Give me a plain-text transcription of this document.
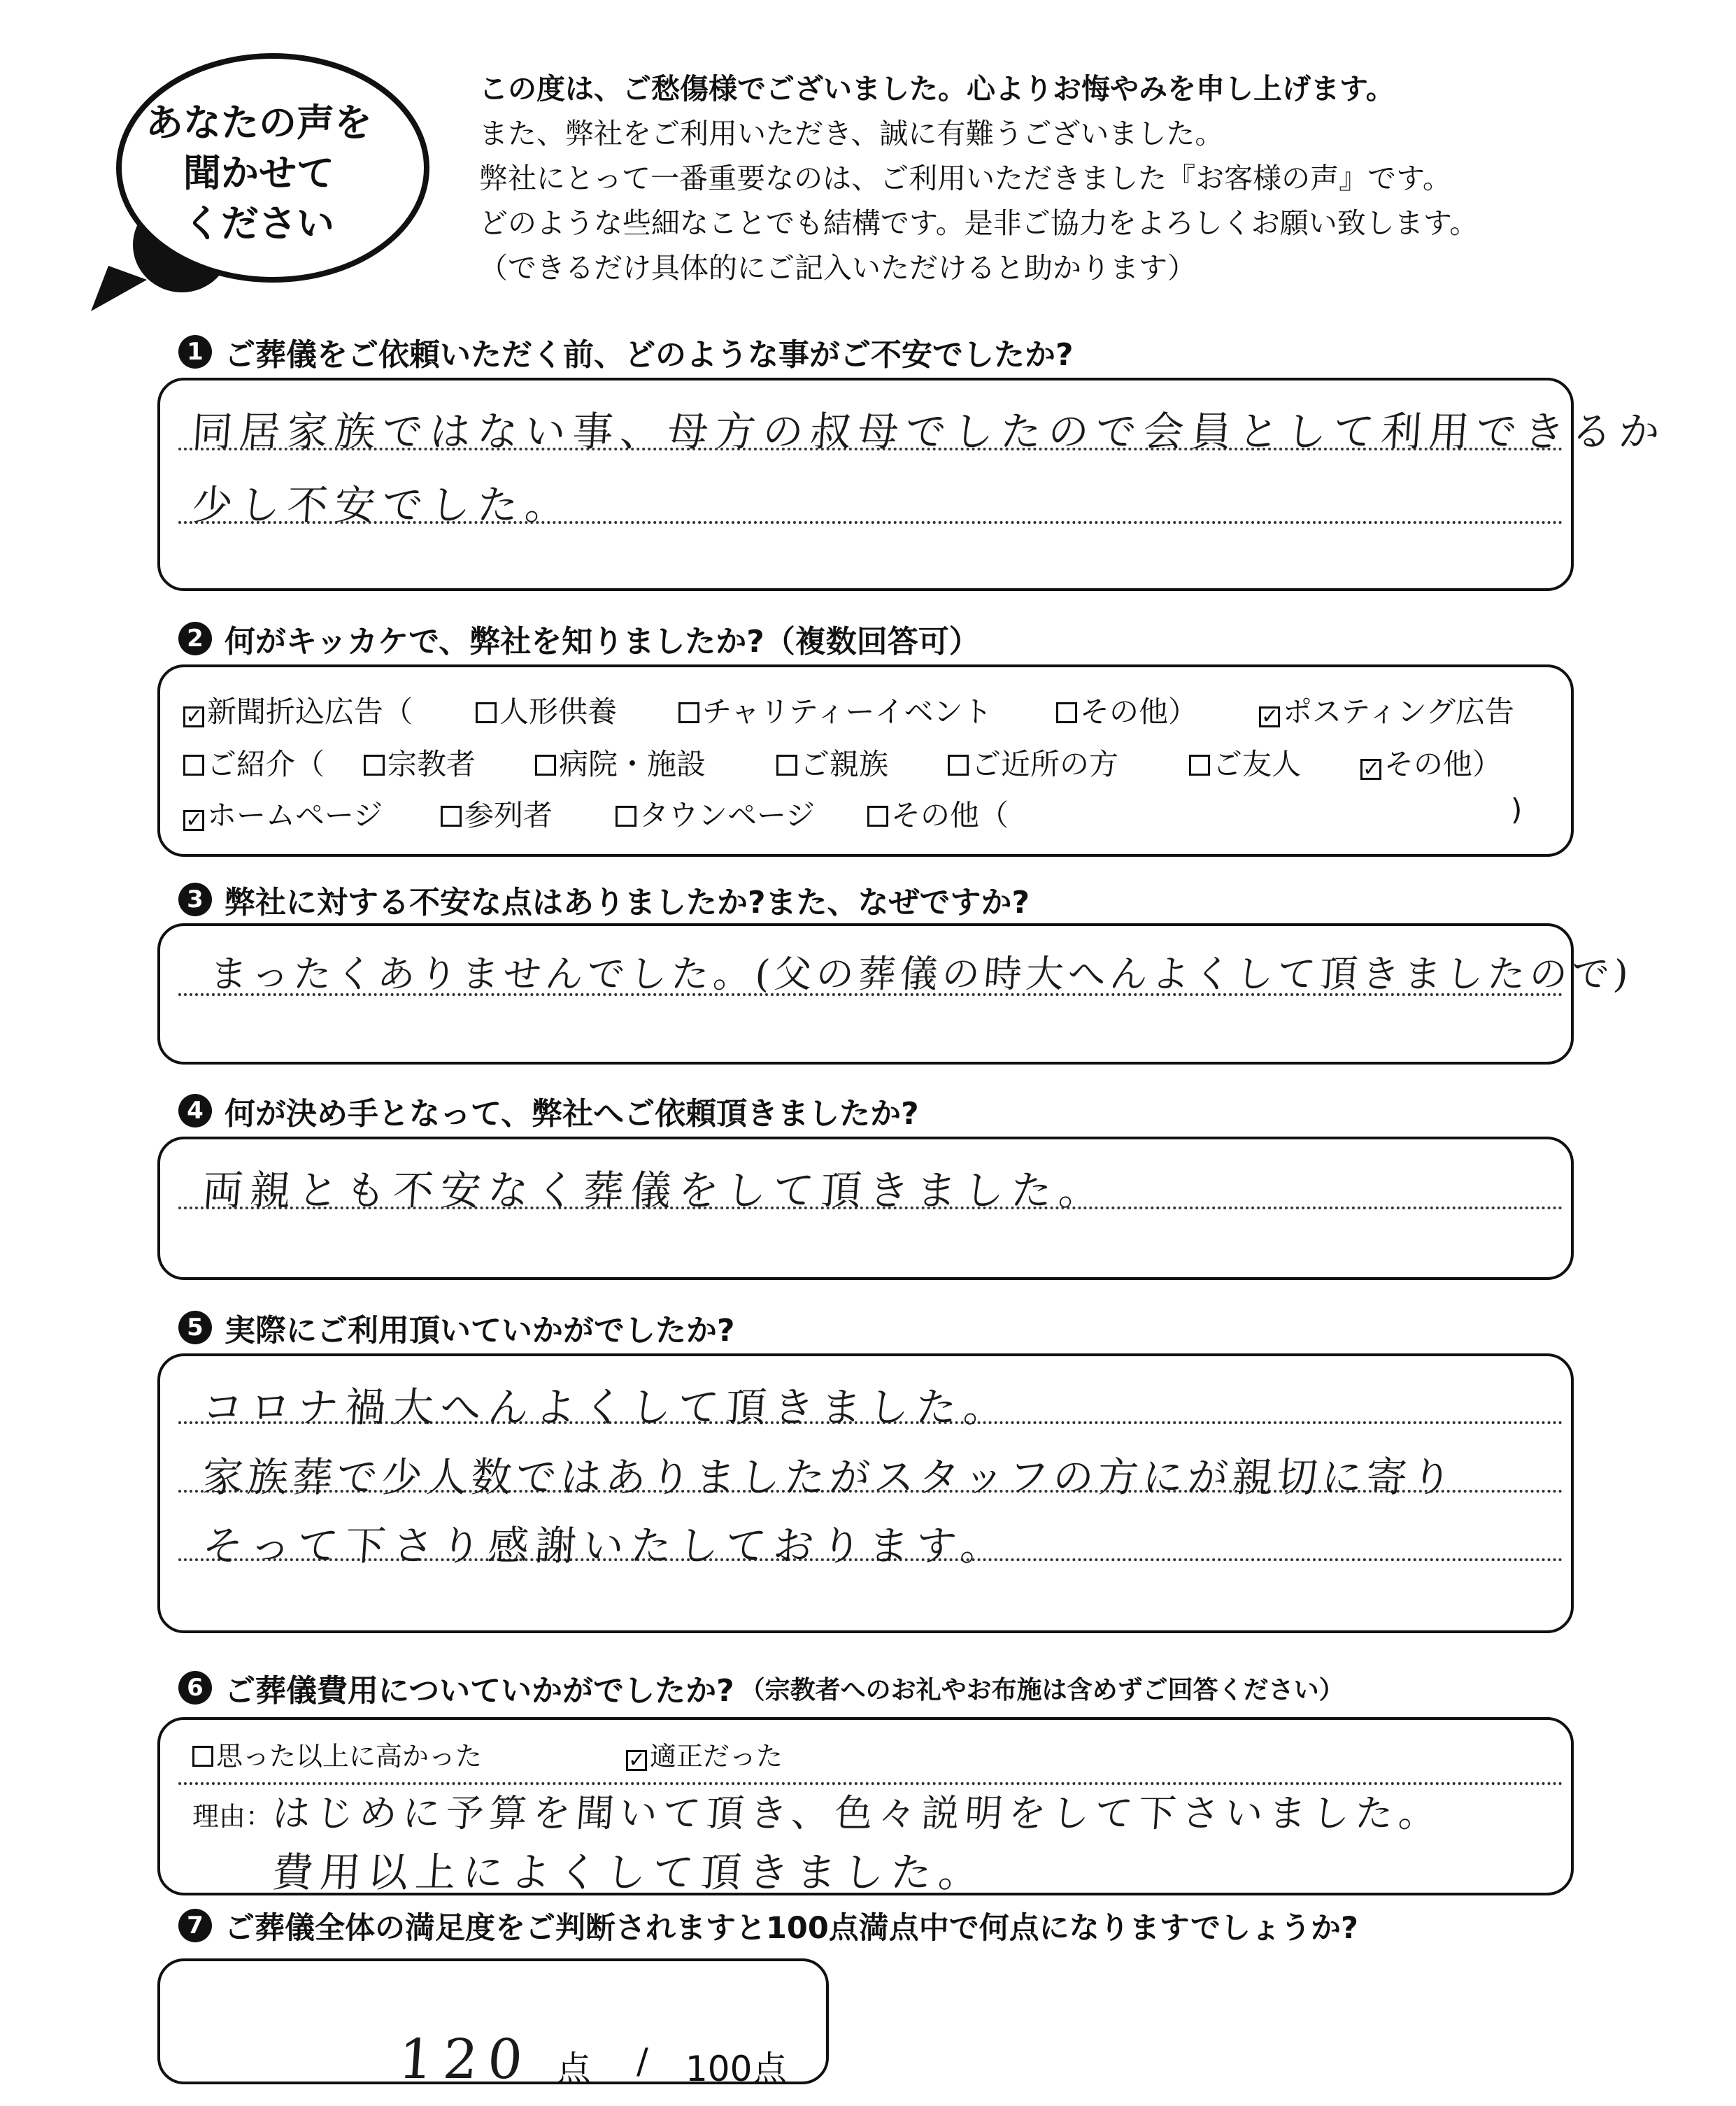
あなたの声を
聞かせて
ください
この度は、ご愁傷様でございました。心よりお悔やみを申し上げます。
また、弊社をご利用いただき、誠に有難うございました。
弊社にとって一番重要なのは、ご利用いただきました『お客様の声』です。
どのような些細なことでも結構です。是非ご協力をよろしくお願い致します。
（できるだけ具体的にご記入いただけると助かります）
1 ご葬儀をご依頼いただく前、どのような事がご不安でしたか?
同居家族ではない事、母方の叔母でしたので会員として利用できるか
少し不安でした。
2 何がキッカケで、弊社を知りましたか?（複数回答可）
✓ 新聞折込広告（	人形供養	チャリティーイベント	その他）	✓ ポスティング広告
ご紹介（	宗教者	病院・施設	ご親族	ご近所の方	ご友人	✓ その他）
✓ ホームページ	参列者	タウンページ	その他（	)
3 弊社に対する不安な点はありましたか?また、なぜですか?
まったくありませんでした。(父の葬儀の時大へんよくして頂きましたので)
4 何が決め手となって、弊社へご依頼頂きましたか?
両親とも不安なく葬儀をして頂きました。
5 実際にご利用頂いていかがでしたか?
コロナ禍大へんよくして頂きました。
家族葬で少人数ではありましたがスタッフの方にが親切に寄り
そって下さり感謝いたしております。
6 ご葬儀費用についていかがでしたか? （宗教者へのお礼やお布施は含めずご回答ください）
思った以上に高かった	✓ 適正だった
理由：
はじめに予算を聞いて頂き、色々説明をして下さいました。
費用以上によくして頂きました。
7 ご葬儀全体の満足度をご判断されますと100点満点中で何点になりますでしょうか?
120 点 / 100点
